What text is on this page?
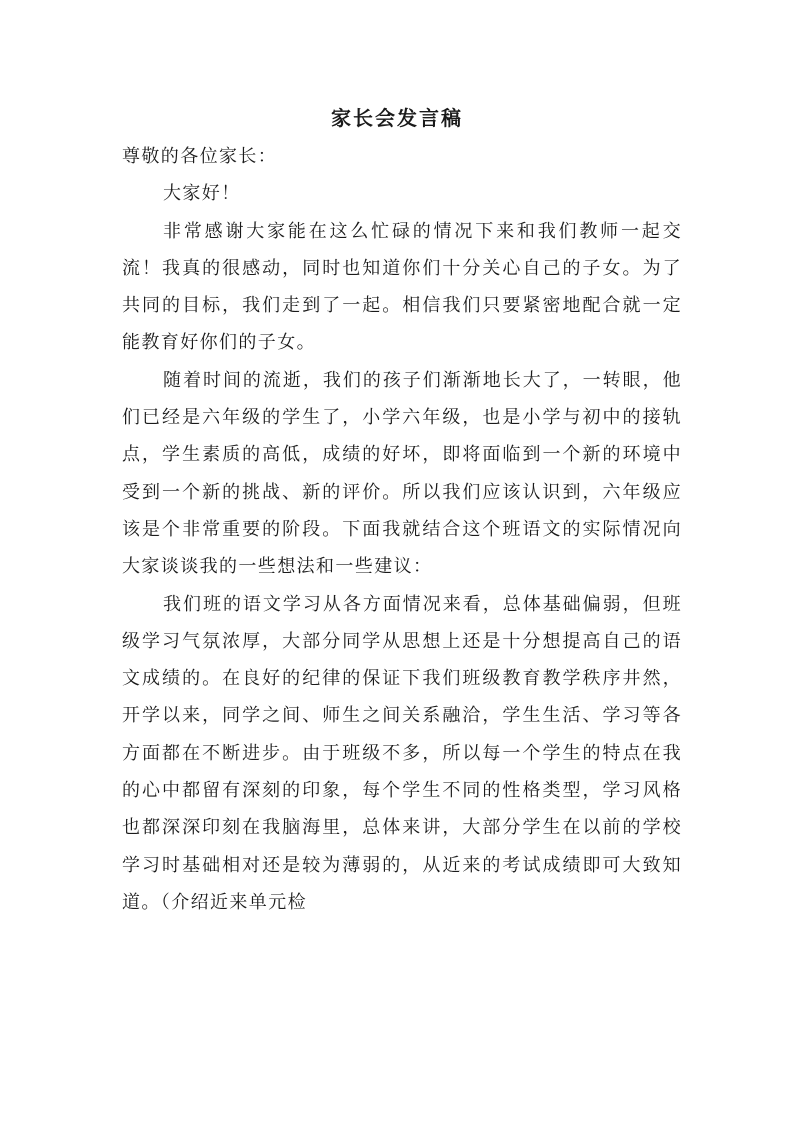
家长会发言稿

尊敬的各位家长：

大家好！

非常感谢大家能在这么忙碌的情况下来和我们教师一起交流！我真的很感动，同时也知道你们十分关心自己的子女。为了共同的目标，我们走到了一起。相信我们只要紧密地配合就一定能教育好你们的子女。

随着时间的流逝，我们的孩子们渐渐地长大了，一转眼，他们已经是六年级的学生了，小学六年级，也是小学与初中的接轨点，学生素质的高低，成绩的好坏，即将面临到一个新的环境中受到一个新的挑战、新的评价。所以我们应该认识到，六年级应该是个非常重要的阶段。下面我就结合这个班语文的实际情况向大家谈谈我的一些想法和一些建议：

我们班的语文学习从各方面情况来看，总体基础偏弱，但班级学习气氛浓厚，大部分同学从思想上还是十分想提高自己的语文成绩的。在良好的纪律的保证下我们班级教育教学秩序井然，开学以来，同学之间、师生之间关系融洽，学生生活、学习等各方面都在不断进步。由于班级不多，所以每一个学生的特点在我的心中都留有深刻的印象，每个学生不同的性格类型，学习风格也都深深印刻在我脑海里，总体来讲，大部分学生在以前的学校学习时基础相对还是较为薄弱的，从近来的考试成绩即可大致知道。（介绍近来单元检
